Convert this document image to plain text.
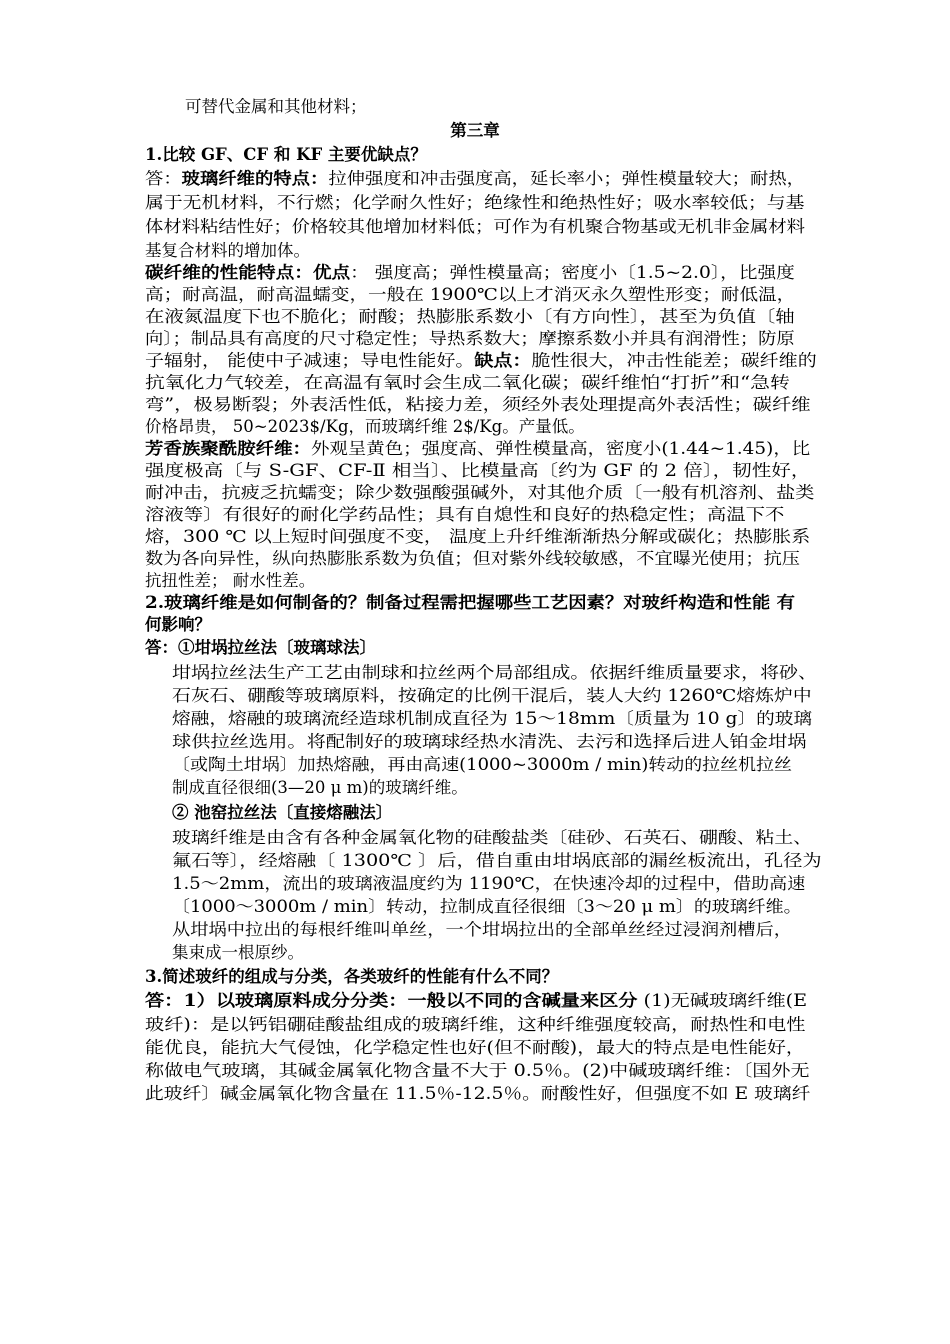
可替代金属和其他材料；
第三章
1.比较 GF、CF 和 KF 主要优缺点？
答：玻璃纤维的特点：拉伸强度和冲击强度高，延长率小；弹性模量较大；耐热，
属于无机材料，不行燃；化学耐久性好；绝缘性和绝热性好；吸水率较低；与基
体材料粘结性好；价格较其他增加材料低；可作为有机聚合物基或无机非金属材料
基复合材料的增加体。
碳纤维的性能特点：优点： 强度高；弹性模量高；密度小〔1.5~2.0〕，比强度
高；耐高温，耐高温蠕变，一般在 1900℃以上才消灭永久塑性形变；耐低温，
在液氮温度下也不脆化；耐酸；热膨胀系数小〔有方向性〕，甚至为负值〔轴
向〕；制品具有高度的尺寸稳定性；导热系数大；摩擦系数小并具有润滑性；防原
子辐射， 能使中子减速；导电性能好。缺点：脆性很大，冲击性能差；碳纤维的
抗氧化力气较差，在高温有氧时会生成二氧化碳；碳纤维怕“打折”和“急转
弯”，极易断裂；外表活性低，粘接力差，须经外表处理提高外表活性；碳纤维
价格昂贵， 50~2023$/Kg，而玻璃纤维 2$/Kg。产量低。
芳香族聚酰胺纤维：外观呈黄色；强度高、弹性模量高，密度小(1.44~1.45)，比
强度极高〔与 S-GF、CF-Ⅱ 相当〕、比模量高〔约为 GF 的 2 倍〕，韧性好，
耐冲击，抗疲乏抗蠕变；除少数强酸强碱外，对其他介质〔一般有机溶剂、盐类
溶液等〕有很好的耐化学药品性；具有自熄性和良好的热稳定性；高温下不
熔，300 ℃ 以上短时间强度不变， 温度上升纤维渐渐热分解或碳化；热膨胀系
数为各向异性，纵向热膨胀系数为负值；但对紫外线较敏感，不宜曝光使用；抗压
抗扭性差； 耐水性差。
2.玻璃纤维是如何制备的？制备过程需把握哪些工艺因素？对玻纤构造和性能 有
何影响？
答：①坩埚拉丝法〔玻璃球法〕
坩埚拉丝法生产工艺由制球和拉丝两个局部组成。依据纤维质量要求，将砂、
石灰石、硼酸等玻璃原料，按确定的比例干混后，装人大约 1260℃熔炼炉中
熔融，熔融的玻璃流经造球机制成直径为 15～18mm〔质量为 10 g〕的玻璃
球供拉丝选用。将配制好的玻璃球经热水清洗、去污和选择后进人铂金坩埚
〔或陶土坩埚〕加热熔融，再由高速(1000~3000m / min)转动的拉丝机拉丝
制成直径很细(3—20 μ m)的玻璃纤维。
② 池窑拉丝法〔直接熔融法〕
玻璃纤维是由含有各种金属氧化物的硅酸盐类〔硅砂、石英石、硼酸、粘土、
氟石等〕，经熔融〔 1300℃ 〕后，借自重由坩埚底部的漏丝板流出，孔径为
1.5～2mm，流出的玻璃液温度约为 1190℃，在快速冷却的过程中，借助高速
〔1000～3000m / min〕转动，拉制成直径很细〔3～20 μ m〕的玻璃纤维。
从坩埚中拉出的每根纤维叫单丝，一个坩埚拉出的全部单丝经过浸润剂槽后，
集束成一根原纱。
3.简述玻纤的组成与分类，各类玻纤的性能有什么不同？
答：1）以玻璃原料成分分类：一般以不同的含碱量来区分 (1)无碱玻璃纤维(E
玻纤)：是以钙铝硼硅酸盐组成的玻璃纤维，这种纤维强度较高，耐热性和电性
能优良，能抗大气侵蚀，化学稳定性也好(但不耐酸)，最大的特点是电性能好，
称做电气玻璃，其碱金属氧化物含量不大于 0.5％。(2)中碱玻璃纤维：〔国外无
此玻纤〕碱金属氧化物含量在 11.5％-12.5％。耐酸性好，但强度不如 E 玻璃纤
